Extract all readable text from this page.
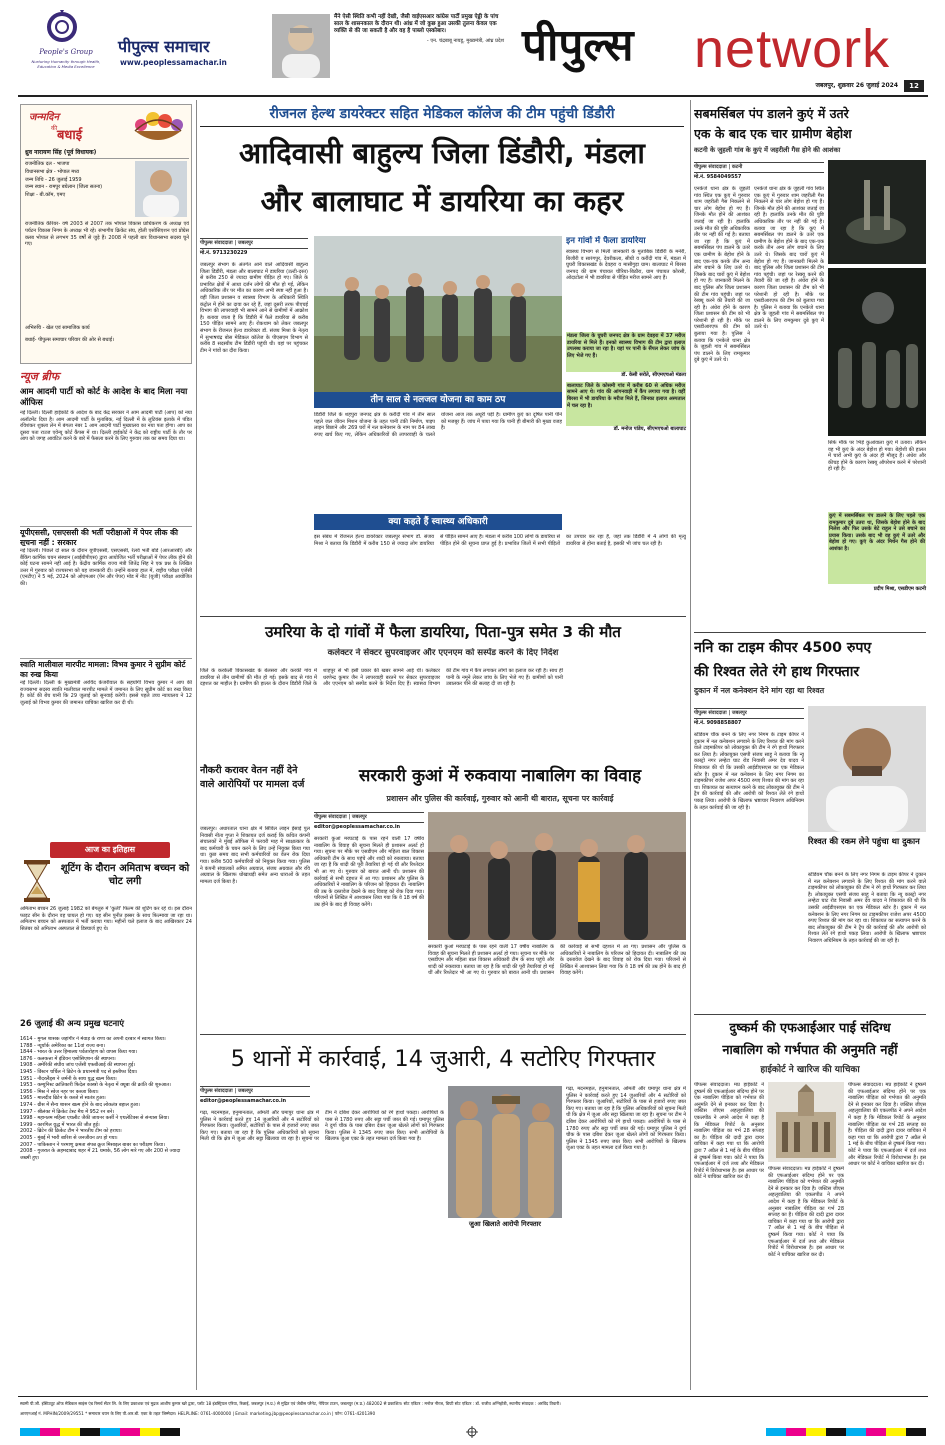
People's Group
Nurturing Humanity through Health, Education & Media Excellence
पीपुल्स समाचार
www.peoplessamachar.in
मैंने ऐसी स्थिति कभी नहीं देखी, जैसी वाईएसआर कांग्रेस पार्टी प्रमुख ऐड्डी के पांच साल के शासनकाल के दौरान थी। आंध्र में जो कुछ हुआ उसकी तुलना केवल एक व्यक्ति से की जा सकती है और वह है पाब्लो एस्कोबार।
- एन. चंद्रबाबू नायडू, मुख्यमंत्री, आंध्र प्रदेश पीपुल्स	network
जबलपुर, शुक्रवार 26 जुलाई 2024	12
जन्मदिन
की बधाई
ध्रुव नारायण सिंह (पूर्व विधायक)
राजनीतिक दल - भाजपा
विधानसभा क्षेत्र - भोपाल मध्य
जन्म तिथि - 26 जुलाई 1959
जन्म स्थान - रामपुर बघेलान (जिला सतना)
शिक्षा - बी.कॉम, एमए
राजनीतिक कॅरियर- वर्ष 2003 से 2007 तक भोपाल विकास प्राधिकरण के अध्यक्ष एवं पर्यटन विकास निगम के अध्यक्ष भी रहे। संभागीय क्रिकेट संघ, होली एसोसिएशन एवं प्रोग्रेस क्लब भोपाल से लगभग 35 वर्षों से जुड़े हैं। 2008 में पहली बार विधानसभा सदस्य चुने गए।
अभिरुचि - खेल एवं सामाजिक कार्य
बधाई- पीपुल्स समाचार परिवार की ओर से बधाई।
न्यूज ब्रीफ
आम आदमी पार्टी को कोर्ट के आदेश के बाद मिला नया ऑफिस
नई दिल्ली। दिल्ली हाईकोर्ट के आदेश के बाद केंद्र सरकार ने आम आदमी पार्टी (आप) को नया अलॉटमेंट दिया है। आम आदमी पार्टी के मुताबिक, नई दिल्ली में के लुटियंस इलाके में पंडित रविशंकर शुक्ला लेन में बंगला नंबर 1 आम आदमी पार्टी मुख्यालय का नया पता होगा। आप का दूसरा पता राउज एवेन्यू कोर्ट कैंपस में था। दिल्ली हाईकोर्ट ने केंद्र को राष्ट्रीय पार्टी के तौर पर आप को जगह आवंटित करने के बारे में फैसला करने के लिए गुरुवार तक का समय दिया था।
यूपीएससी, एसएससी की भर्ती परीक्षाओं में पेपर लीक की सूचना नहीं : सरकार
नई दिल्ली। पिछले दो साल के दौरान यूपीएससी, एसएससी, रेलवे भर्ती बोर्ड (आरआरबी) और बैंकिंग कार्मिक चयन संस्थान (आईबीपीएस) द्वारा आयोजित भर्ती परीक्षाओं में पेपर लीक होने की कोई घटना सामने नहीं आई है। केंद्रीय कार्मिक राज्य मंत्री जितेंद्र सिंह ने एक प्रश्न के लिखित उत्तर में गुरुवार को राज्यसभा को यह जानकारी दी। उन्होंने बताया हाल में, राष्ट्रीय परीक्षा एजेंसी (एनटीए) ने 5 मई, 2024 को ओएमआर (पेन और पेपर) मोड में नीट (यूजी) परीक्षा आयोजित की।
स्वाति मालीवाल मारपीट मामला: विभव कुमार ने सुप्रीम कोर्ट का रुख किया
नई दिल्ली। दिल्ली के मुख्यमंत्री अरविंद केजरीवाल के सहयोगी विभव कुमार ने आप की राज्यसभा सदस्य स्वाति मालीवाल मारपीट मामले में जमानत के लिए सुप्रीम कोर्ट का रुख किया है। कोर्ट की बेंच यानी कि 29 जुलाई को सुनवाई करेगी। इससे पहले उच्च न्यायालय ने 12 जुलाई को विभव कुमार की जमानत याचिका खारिज कर दी थी।
आज का इतिहास
शूटिंग के दौरान अमिताभ बच्चन को चोट लगी
अमिताभ बच्चन 26 जुलाई 1982 को बेंगलुरु में 'कुली' फिल्म की शूटिंग कर रहे थे। इस दौरान फाइट सीन के दौरान वह घायल हो गए। यह सीन पुनीत इस्सर के साथ फिल्माया जा रहा था। अमिताभ बच्चन को अस्पताल में भर्ती कराया गया। महीनों चले इलाज के बाद आखिरकार 24 सितंबर को अमिताभ अस्पताल से डिस्चार्ज हुए थे।
26 जुलाई की अन्य प्रमुख घटनाएं
1614 - मुगल शासक जहांगीर ने मेवाड़ के राणा का अपनी दरबार में स्वागत किया।
1788 - न्यूयॉर्क अमेरिका का 11वां राज्य बना।
1844 - भारत के उत्तर हिमालय पर्वतारोहण को वापस किया गया।
1876 - कलकत्ता में इंडियन एसोसिएशन की स्थापना।
1908 - अमेरिकी संघीय जांच एजेंसी एफबीआई की स्थापना हुई।
1945 - विंस्टन चर्चिल ने ब्रिटेन के प्रधानमंत्री पद से इस्तीफा दिया।
1951 - नीदरलैंड्स ने जर्मनी के साथ युद्ध खत्म किया।
1953 - कम्युनिस्ट क्रांतिकारी फिदेल कास्त्रो के नेतृत्व में क्यूबा की क्रांति की शुरुआत।
1956 - मिस्र ने स्वेज नहर पर कब्जा किया।
1965 - मालदीव ब्रिटेन के कब्जे से स्वतंत्र हुआ।
1974 - ग्रीस में सैन्य शासन खत्म होने के बाद लोकतंत्र बहाल हुआ।
1997 - श्रीलंका में क्रिकेट टेस्ट मैच में 952 रन बने।
1998 - महानतम महिला एथलीट जैकी जायनर कर्सी ने एथलेटिक्स से संन्यास लिया।
1999 - कारगिल युद्ध में भारत की जीत हुई।
2002 - ब्रिटेन की क्रिकेट टीम ने भारतीय टीम को हराया।
2005 - मुंबई में भारी बारिश से जनजीवन ठप हो गया।
2007 - पाकिस्तान ने परमाणु क्षमता संपन्न क्रूज मिसाइल बाबर का परीक्षण किया।
2008 - गुजरात के अहमदाबाद शहर में 21 धमाके, 56 लोग मारे गए और 200 से ज्यादा जख्मी हुए।
रीजनल हेल्थ डायरेक्टर सहित मेडिकल कॉलेज की टीम पहुंची डिंडौरी
आदिवासी बाहुल्य जिला डिंडौरी, मंडला
और बालाघाट में डायरिया का कहर
पीपुल्स संवाददाता | जबलपुर
मो.नं. 9713230229
जबलपुर संभाग के अंतर्गत आने वाले आदिवासी बाहुल्य जिला डिंडौरी, मंडला और बालाघाट में डायरिया (उल्टी-दस्त) से करीब 250 से ज्यादा ग्रामीण पीड़ित हो गए। जिले के प्रभावित क्षेत्रों में आधा दर्जन लोगों की मौत हो गई, लेकिन अधिकारिक तौर पर मौत का कारण अभी स्पष्ट नहीं हुआ है। वहीं जिला प्रशासन व स्वास्थ्य विभाग के अधिकारी स्थिति कंट्रोल में होने का दावा कर रहे हैं, जहां दूसरी तरफ पीएचई विभाग की लापरवाही भी सामने आने से ग्रामीणों में आक्रोश है। बताया जाता है कि डिंडौरी में फैले डायरिया से करीब 150 पीड़ित सामने आए हैं। रोकथाम को लेकर जबलपुर संभाग के रीजनल हेल्थ डायरेक्टर डॉ. संजय मिश्रा के नेतृत्व में सुभाषचंद्र बोस मेडिकल कॉलेज के पीएसएम विभाग से करीब 8 सदस्यीय टीम डिंडौरी पहुंची थी। वहां पर पहुंचकर टीम ने गांवों का दौरा किया।
तीन साल से नलजल योजना का काम ठप
डिंडौरी जिले के शहपुरा जनपद क्षेत्र के करौंदी गांव में तीन साल पहले जल जीवन मिशन योजना के तहत पानी टंकी निर्माण, पाइप लाइन बिछाने और 269 घरों में नल कनेक्शन के नाम पर 84 लाख रुपए खर्च किए गए, लेकिन अधिकारियों की लापरवाही के चलते योजना आज तक अधूरी पड़ी है। ग्रामीण कुएं का दूषित पानी पीने को मजबूर हैं। जांच में पाया गया कि पानी ही बीमारी की मुख्य वजह है।
इन गांवों में फैला डायरिया
स्वास्थ्य विभाग से मिली जानकारी के मुताबिक डिंडौरी के मनेरी, बिजौरी व सारंगपुर, देवरीकला, सीधी व करौंदी गांव में, मंडला में घुघरी विकासखंड के देवहरा व मासीगुड़ा ग्राम। बालाघाट में बिरसा जनपद की ग्राम पंचायत चौरिया-बिठौरा, ग्राम पंचायत कोरसी, ओदाटोला में भी डायरिया से पीड़ित मरीज सामने आए हैं।
मंडला जिला के घुघरी जनपद क्षेत्र के ग्राम देवहरा में 37 मरीज डायरिया से मिले हैं। इनको स्वास्थ्य विभाग की टीम द्वारा इलाज उपलब्ध कराया जा रहा है। यहां पर पानी के सैंपल लेकर जांच के लिए भेजे गए हैं।
डॉ. केसी सरोते, सीएमएचओ मंडला
बालाघाट जिले के कोसमी गांव में करीब 60 से अधिक मरीज सामने आए थे। गांव की आंगनवाड़ी में कैंप लगाया गया है। वहीं बिरसा में भी डायरिया के मरीज मिले हैं, जिनका इलाज अस्पताल में चल रहा है।
डॉ. मनोज पांडेय, सीएमएचओ बालाघाट
क्या कहते हैं स्वास्थ्य अधिकारी
इस संबंध में रीजनल हेल्थ डायरेक्टर जबलपुर संभाग डॉ. संजय मिश्रा ने बताया कि डिंडौरी में करीब 150 से ज्यादा लोग डायरिया से पीड़ित सामने आए हैं। मंडला में करीब 100 लोगों के डायरिया से पीड़ित होने की सूचना प्राप्त हुई है। प्रभावित जिलों में सभी पीड़ितों का उपचार कर रहा है, जहां तक डिंडौरी में 4 लोगों की मृत्यु डायरिया से होना बताई है, इसकी भी जांच चल रही है।
उमरिया के दो गांवों में फैला डायरिया, पिता-पुत्र समेत 3 की मौत
कलेक्टर ने सेक्टर सुपरवाइजर और एएनएम को सस्पेंड करने के दिए निर्देश
जिले के करकेली विकासखंड के बेलसरा और करकी गांव में डायरिया से तीन ग्रामीणों की मौत हो गई। इसके बाद से गांव में दहशत का माहौल है। ग्रामीण की हालत के दौरान डिंडौरी जिले के शाहपुर से भी इसी प्रकार की खबर सामने आई थी। कलेक्टर धरणेन्द्र कुमार जैन ने लापरवाही बरतने पर सेक्टर सुपरवाइजर और एएनएम को सस्पेंड करने के निर्देश दिए हैं। स्वास्थ्य विभाग की टीम गांव में कैंप लगाकर लोगों का इलाज कर रही है। साथ ही पानी के नमूने लेकर जांच के लिए भेजे गए हैं। ग्रामीणों को पानी उबालकर पीने की सलाह दी जा रही है।
नौकरी करावर वेतन नहीं देने वाले आरोपियों पर मामला दर्ज
जबलपुर। अधारताल थाना क्षेत्र में सिविल लाइन ईसाई पुल निवासी नीता गुप्ता ने शिकायत दर्ज कराई कि कथित कंपनी संचालकों ने मुंबई ऑफिस में फरवरी माह में साक्षात्कार के बाद कर्मचारी के चयन करने के लिए उन्हें नियुक्त किया गया था। कुछ समय बाद सभी कर्मचारियों का वेतन रोक दिया गया। करीब 500 कर्मचारियों को नियुक्त किया गया। पुलिस ने कंपनी संचालकों अमित अग्रवाल, संजय अग्रवाल और रवि अग्रवाल के खिलाफ धोखाधड़ी समेत अन्य धाराओं के तहत मामला दर्ज किया है।
सरकारी कुआं में रुकवाया नाबालिग का विवाह
प्रशासन और पुलिस की कार्रवाई, गुरुवार को आनी थी बारात, सूचना पर कार्रवाई
पीपुल्स संवाददाता | जबलपुर
editor@peoplessamachar.co.in
सरकारी कुआं मरघटाई के पास रहने वाली 17 वर्षीय नाबालिग के विवाह की सूचना मिलते ही प्रशासन अलर्ट हो गया। सूचना पर मौके पर एसडीएम और महिला बाल विकास अधिकारी टीम के साथ पहुंचे और शादी को रुकवाया। बताया जा रहा है कि शादी की पूरी तैयारियां हो गई थीं और रिश्तेदार भी आ गए थे। गुरुवार को बारात आनी थी। प्रशासन की कार्रवाई से सभी दहशत में आ गए। प्रशासन और पुलिस के अधिकारियों ने नाबालिग के परिजन को हिदायत दी। नाबालिग की उम्र के दस्तावेज देखने के बाद विवाह को रोक दिया गया। परिजनों से लिखित में आश्वासन लिया गया कि वे 18 वर्ष की उम्र होने के बाद ही विवाह करेंगे।
सरकारी कुआं मरघटाई के पास रहने वाली 17 वर्षीय नाबालिग के विवाह की सूचना मिलते ही प्रशासन अलर्ट हो गया। सूचना पर मौके पर एसडीएम और महिला बाल विकास अधिकारी टीम के साथ पहुंचे और शादी को रुकवाया। बताया जा रहा है कि शादी की पूरी तैयारियां हो गई थीं और रिश्तेदार भी आ गए थे। गुरुवार को बारात आनी थी। प्रशासन की कार्रवाई से सभी दहशत में आ गए। प्रशासन और पुलिस के अधिकारियों ने नाबालिग के परिजन को हिदायत दी। नाबालिग की उम्र के दस्तावेज देखने के बाद विवाह को रोक दिया गया। परिजनों से लिखित में आश्वासन लिया गया कि वे 18 वर्ष की उम्र होने के बाद ही विवाह करेंगे।
5 थानों में कार्रवाई, 14 जुआरी, 4 सटोरिए गिरफ्तार
पीपुल्स संवाददाता | जबलपुर
editor@peoplessamachar.co.in
गढ़ा, मदनमहल, हनुमानताल, ओमती और घमापुर थाना क्षेत्र में पुलिस ने कार्रवाई करते हुए 14 जुआरियों और 4 सटोरियों को गिरफ्तार किया। जुआरियों, सटोरियों के पास से हजारों रुपए जब्त किए गए। बताया जा रहा है कि पुलिस अधिकारियों को सूचना मिली थी कि क्षेत्र में जुआ और सट्टा खिलाया जा रहा है। सूचना पर टीम ने दबिश देकर आरोपियों को रंगे हाथों पकड़ा। आरोपियों के पास से 1780 रुपए और सट्टा पर्ची जब्त की गई। घमापुर पुलिस ने दुर्गा चौक के पास दबिश देकर जुआ खेलते लोगों को गिरफ्तार किया। पुलिस ने 1345 रुपए जब्त किए। सभी आरोपियों के खिलाफ जुआ एक्ट के तहत मामला दर्ज किया गया है।
जुआ खिलाते आरोपी गिरफ्तार
गढ़ा, मदनमहल, हनुमानताल, ओमती और घमापुर थाना क्षेत्र में पुलिस ने कार्रवाई करते हुए 14 जुआरियों और 4 सटोरियों को गिरफ्तार किया। जुआरियों, सटोरियों के पास से हजारों रुपए जब्त किए गए। बताया जा रहा है कि पुलिस अधिकारियों को सूचना मिली थी कि क्षेत्र में जुआ और सट्टा खिलाया जा रहा है। सूचना पर टीम ने दबिश देकर आरोपियों को रंगे हाथों पकड़ा। आरोपियों के पास से 1780 रुपए और सट्टा पर्ची जब्त की गई। घमापुर पुलिस ने दुर्गा चौक के पास दबिश देकर जुआ खेलते लोगों को गिरफ्तार किया। पुलिस ने 1345 रुपए जब्त किए। सभी आरोपियों के खिलाफ जुआ एक्ट के तहत मामला दर्ज किया गया है।
सबमर्सिबल पंप डालने कुएं में उतरे
एक के बाद एक चार ग्रामीण बेहोश
कटनी के जुहली गांव के कुएं में जहरीली गैस होने की आशंका
पीपुल्स संवाददाता | कटनी
मो.नं. 9584049557
एनकेजे थाना क्षेत्र के जुहली गांव स्थित एक कुएं में गुरुवार शाम जहरीली गैस निकलने से चार लोग बेहोश हो गए हैं। जिनके मौत होने की आशंका जताई जा रही है। हालांकि उनके मौत की पुष्टि अधिकारिक तौर पर नहीं की गई है। बताया जा रहा है कि कुएं में सबमर्सिबल पंप डालने के उतरे एक ग्रामीण के बेहोश होने के बाद एक-एक करके तीन अन्य लोग बचाने के लिए उतरे थे। जिसके बाद चारों कुएं में बेहोश हो गए हैं। जानकारी मिलने के बाद पुलिस और जिला प्रशासन की टीम गांव पहुंची। जहां पर रेस्क्यू करने की तैयारी की जा रही है। अंधेरा होने के कारण जिला प्रशासन की टीम को भी परेशानी हो रही है। मौके पर एसडीआरएफ की टीम को बुलाया गया है। पुलिस ने बताया कि एनकेजे थाना क्षेत्र के जुहली गांव में सबमर्सिबल पंप डालने के लिए रामकुमार दुबे कुएं में उतरे थे।
एनकेजे थाना क्षेत्र के जुहली गांव स्थित एक कुएं में गुरुवार शाम जहरीली गैस निकलने से चार लोग बेहोश हो गए हैं। जिनके मौत होने की आशंका जताई जा रही है। हालांकि उनके मौत की पुष्टि अधिकारिक तौर पर नहीं की गई है। बताया जा रहा है कि कुएं में सबमर्सिबल पंप डालने के उतरे एक ग्रामीण के बेहोश होने के बाद एक-एक करके तीन अन्य लोग बचाने के लिए उतरे थे। जिसके बाद चारों कुएं में बेहोश हो गए हैं। जानकारी मिलने के बाद पुलिस और जिला प्रशासन की टीम गांव पहुंची। जहां पर रेस्क्यू करने की तैयारी की जा रही है। अंधेरा होने के कारण जिला प्रशासन की टीम को भी परेशानी हो रही है। मौके पर एसडीआरएफ की टीम को बुलाया गया है। पुलिस ने बताया कि एनकेजे थाना क्षेत्र के जुहली गांव में सबमर्सिबल पंप डालने के लिए रामकुमार दुबे कुएं में उतरे थे।
सिर्फ मौके पर भिड़ें कुआंवाला कुएं में उतारा। लेकिन वह भी कुएं के अंदर बेहोश हो गया। बेहोशी की हालत में चारों अभी कुएं के अंदर ही मौजूद हैं। अंधेरा और कीचड़ होने के कारण रेस्क्यू ऑपरेशन करने में परेशानी हो रही है।
कुएं में सबमर्सिबल पंप डालने के लिए पहले एक रामकुमार दुबे उतरा था, जिसके बेहोश होने के बाद निलेश और फिर उसके बेटे राहुल ने उसे बचाने का प्रयास किया। उसके बाद भी वह कुएं में उतरे और बेहोश हो गए। कुएं के अंदर मिथेन गैस होने की आशंका है।
प्रदीप मिश्रा, एसडीएम कटनी
ननि का टाइम कीपर 4500 रुपए
की रिश्वत लेते रंगे हाथ गिरफ्तार
दुकान में नल कनेक्शन देने मांग रहा था रिश्वत
पीपुल्स संवाददाता | जबलपुर
मो.नं. 9098858807
रिश्वत की रकम लेने पहुंचा था दुकान
स्टेडियम चौक बनने के लिए नगर निगम के टाइम कीपर ने दुकान में नल कनेक्शन लगवाने के लिए रिश्वत की मांग करने वाले टाइमकीपर को लोकायुक्त की टीम ने रंगे हाथों गिरफ्तार कर लिया है। लोकायुक्त एसपी संजय साहू ने बताया कि न्यू कास्ट्रो नगर लम्हेटा घाट रोड निवासी अमर देव यादव ने शिकायत की थी कि उसकी आईडीएसएस का एक मेडिकल स्टोर है। दुकान में नल कनेक्शन के लिए नगर निगम का टाइमकीपर राजेश अपर 4500 रुपए रिश्वत की मांग कर रहा था। शिकायत का सत्यापन करने के बाद लोकायुक्त की टीम ने ट्रैप की कार्रवाई की और आरोपी को रिश्वत लेते रंगे हाथों पकड़ लिया। आरोपी के खिलाफ भ्रष्टाचार निवारण अधिनियम के तहत कार्रवाई की जा रही है।
स्टेडियम चौक बनने के लिए नगर निगम के टाइम कीपर ने दुकान में नल कनेक्शन लगवाने के लिए रिश्वत की मांग करने वाले टाइमकीपर को लोकायुक्त की टीम ने रंगे हाथों गिरफ्तार कर लिया है। लोकायुक्त एसपी संजय साहू ने बताया कि न्यू कास्ट्रो नगर लम्हेटा घाट रोड निवासी अमर देव यादव ने शिकायत की थी कि उसकी आईडीएसएस का एक मेडिकल स्टोर है। दुकान में नल कनेक्शन के लिए नगर निगम का टाइमकीपर राजेश अपर 4500 रुपए रिश्वत की मांग कर रहा था। शिकायत का सत्यापन करने के बाद लोकायुक्त की टीम ने ट्रैप की कार्रवाई की और आरोपी को रिश्वत लेते रंगे हाथों पकड़ लिया। आरोपी के खिलाफ भ्रष्टाचार निवारण अधिनियम के तहत कार्रवाई की जा रही है।
दुष्कर्म की एफआईआर पाई संदिग्ध
नाबालिग को गर्भपात की अनुमति नहीं
हाईकोर्ट ने खारिज की याचिका
पीपल्स संवाददाता। मप्र हाईकोर्ट ने दुष्कर्म की एफआईआर संदिग्ध होने पर एक नाबालिग पीड़िता को गर्भपात की अनुमति देने से इनकार कर दिया है। जस्टिस जीएस अहलूवालिया की एकलपीठ ने अपने आदेश में कहा है कि मेडिकल रिपोर्ट के अनुसार नाबालिग पीड़िता का गर्भ 28 सप्ताह का है। पीड़िता की दादी द्वारा दायर याचिका में कहा गया था कि आरोपी द्वारा 7 अप्रैल से 1 मई के बीच पीड़िता से दुष्कर्म किया गया। कोर्ट ने पाया कि एफआईआर में दर्ज तथ्य और मेडिकल रिपोर्ट में विरोधाभास है। इस आधार पर कोर्ट ने याचिका खारिज कर दी।
पीपल्स संवाददाता। मप्र हाईकोर्ट ने दुष्कर्म की एफआईआर संदिग्ध होने पर एक नाबालिग पीड़िता को गर्भपात की अनुमति देने से इनकार कर दिया है। जस्टिस जीएस अहलूवालिया की एकलपीठ ने अपने आदेश में कहा है कि मेडिकल रिपोर्ट के अनुसार नाबालिग पीड़िता का गर्भ 28 सप्ताह का है। पीड़िता की दादी द्वारा दायर याचिका में कहा गया था कि आरोपी द्वारा 7 अप्रैल से 1 मई के बीच पीड़िता से दुष्कर्म किया गया। कोर्ट ने पाया कि एफआईआर में दर्ज तथ्य और मेडिकल रिपोर्ट में विरोधाभास है। इस आधार पर कोर्ट ने याचिका खारिज कर दी।
पीपल्स संवाददाता। मप्र हाईकोर्ट ने दुष्कर्म की एफआईआर संदिग्ध होने पर एक नाबालिग पीड़िता को गर्भपात की अनुमति देने से इनकार कर दिया है। जस्टिस जीएस अहलूवालिया की एकलपीठ ने अपने आदेश में कहा है कि मेडिकल रिपोर्ट के अनुसार नाबालिग पीड़िता का गर्भ 28 सप्ताह का है। पीड़िता की दादी द्वारा दायर याचिका में कहा गया था कि आरोपी द्वारा 7 अप्रैल से 1 मई के बीच पीड़िता से दुष्कर्म किया गया। कोर्ट ने पाया कि एफआईआर में दर्ज तथ्य और मेडिकल रिपोर्ट में विरोधाभास है। इस आधार पर कोर्ट ने याचिका खारिज कर दी।
स्वामी पी.जी. इंस्टिट्यूट ऑफ मेडिकल साइंस एंड रिसर्च सेंटर लि. के लिए प्रकाशक एवं मुद्रक आशीष कुमार खरे द्वारा, प्लॉट 18 इंडस्ट्रियल एरिया, रिछाई, जबलपुर (म.प्र.) से मुद्रित एवं जेवीस प्लैनेट, नेपियर टाउन, जबलपुर (म.प्र.) 482002 से प्रकाशित। स्टेट एडिटर : मनोज नीरज, डिप्टी स्टेट एडिटर : डॉ. राजीव अग्निहोत्री, स्थानीय संपादक : अरविंद तिवारी।
आरएनआई नं. MPHIN/2009/29551 * समाचार चयन के लिए पी.आर.बी. एक्ट के तहत जिम्मेदार। HELPLINE: 0761-4000000 | Email: marketing.jbp@peoplessamachar.co.in | फोन: 0761-4201390
